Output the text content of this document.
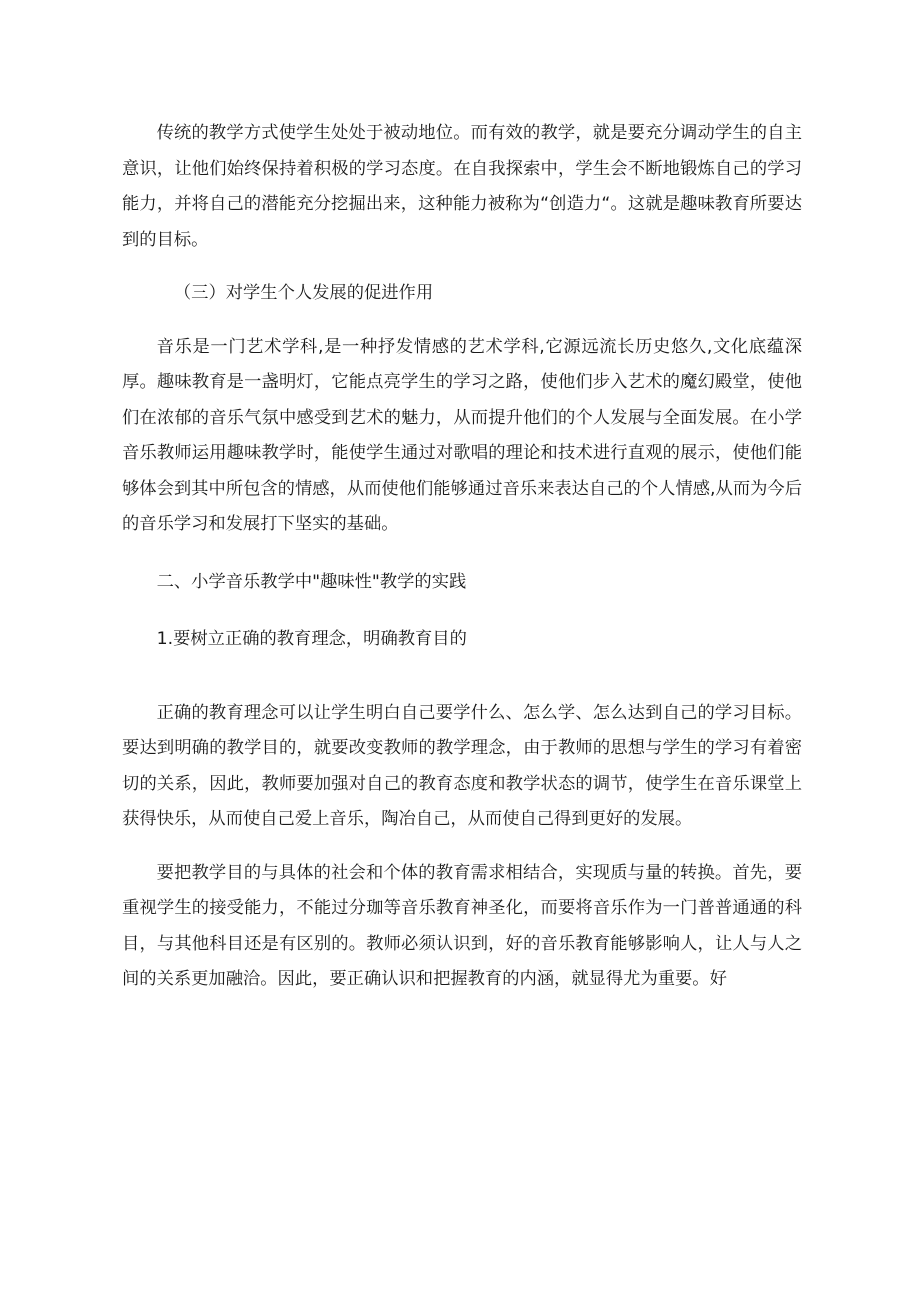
传统的教学方式使学生处处于被动地位。而有效的教学，就是要充分调动学生的自主意识，让他们始终保持着积极的学习态度。在自我探索中，学生会不断地锻炼自己的学习能力，并将自己的潜能充分挖掘出来，这种能力被称为“创造力“。这就是趣味教育所要达到的目标。

（三）对学生个人发展的促进作用

音乐是一门艺术学科,是一种抒发情感的艺术学科,它源远流长历史悠久,文化底蕴深厚。趣味教育是一盏明灯，它能点亮学生的学习之路，使他们步入艺术的魔幻殿堂，使他们在浓郁的音乐气氛中感受到艺术的魅力，从而提升他们的个人发展与全面发展。在小学音乐教师运用趣味教学时，能使学生通过对歌唱的理论和技术进行直观的展示，使他们能够体会到其中所包含的情感，从而使他们能够通过音乐来表达自己的个人情感,从而为今后的音乐学习和发展打下坚实的基础。

二、小学音乐教学中"趣味性"教学的实践

1.要树立正确的教育理念，明确教育目的

正确的教育理念可以让学生明白自己要学什么、怎么学、怎么达到自己的学习目标。要达到明确的教学目的，就要改变教师的教学理念，由于教师的思想与学生的学习有着密切的关系，因此，教师要加强对自己的教育态度和教学状态的调节，使学生在音乐课堂上获得快乐，从而使自己爱上音乐，陶冶自己，从而使自己得到更好的发展。

要把教学目的与具体的社会和个体的教育需求相结合，实现质与量的转换。首先，要重视学生的接受能力，不能过分珈等音乐教育神圣化，而要将音乐作为一门普普通通的科目，与其他科目还是有区别的。教师必须认识到，好的音乐教育能够影响人，让人与人之间的关系更加融洽。因此，要正确认识和把握教育的内涵，就显得尤为重要。好
